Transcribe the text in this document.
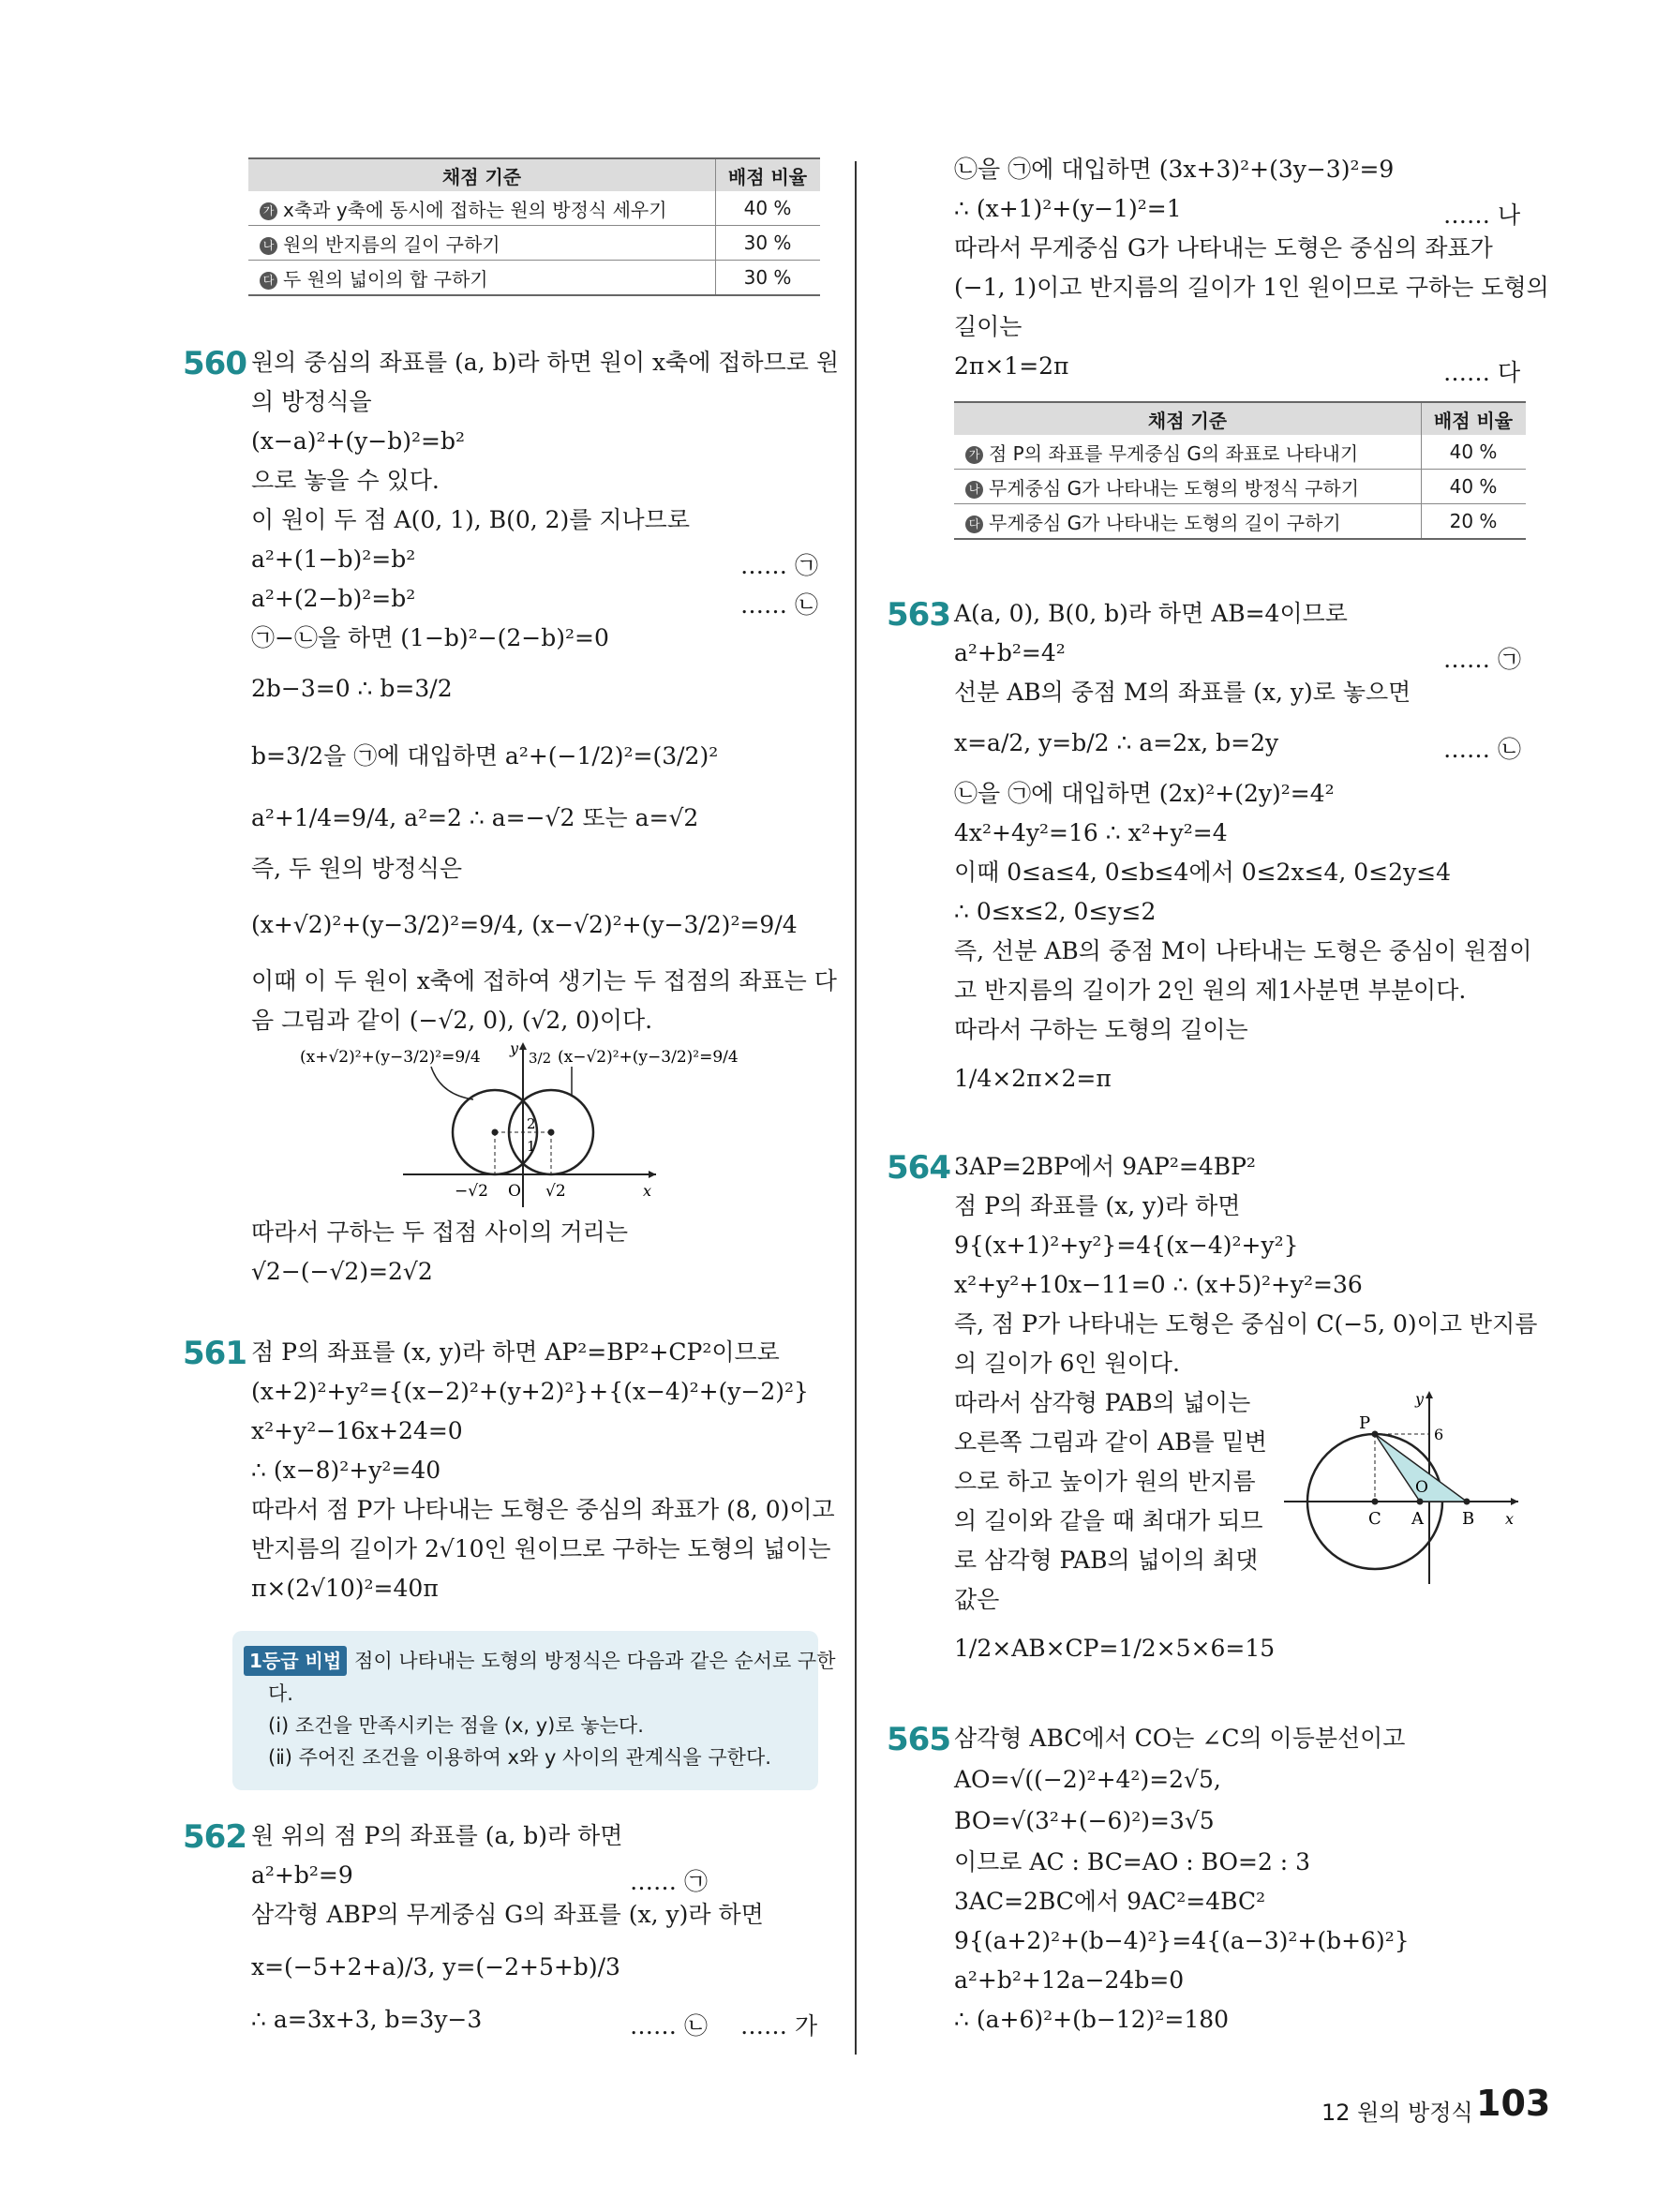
채점 기준	배점 비율
가 x축과 y축에 동시에 접하는 원의 방정식 세우기	40 %
나 원의 반지름의 길이 구하기	30 %
다 두 원의 넓이의 합 구하기	30 %
560 원의 중심의 좌표를 (a, b)라 하면 원이 x축에 접하므로 원
의 방정식을
(x−a)²+(y−b)²=b²
으로 놓을 수 있다.
이 원이 두 점 A(0, 1), B(0, 2)를 지나므로
a²+(1−b)²=b²	…… ㉠
a²+(2−b)²=b²	…… ㉡
㉠−㉡을 하면 (1−b)²−(2−b)²=0
2b−3=0 ∴ b=3/2
b=3/2을 ㉠에 대입하면 a²+(−1/2)²=(3/2)²
a²+1/4=9/4, a²=2 ∴ a=−√2 또는 a=√2
즉, 두 원의 방정식은
(x+√2)²+(y−3/2)²=9/4, (x−√2)²+(y−3/2)²=9/4
이때 이 두 원이 x축에 접하여 생기는 두 접점의 좌표는 다
음 그림과 같이 (−√2, 0), (√2, 0)이다.
(x+√2)²+(y−3/2)²=9/4	(x−√2)²+(y−3/2)²=9/4
y
3/2
2
1
O
−√2	√2	x
따라서 구하는 두 접점 사이의 거리는
√2−(−√2)=2√2
561 점 P의 좌표를 (x, y)라 하면 AP²=BP²+CP²이므로
(x+2)²+y²={(x−2)²+(y+2)²}+{(x−4)²+(y−2)²}
x²+y²−16x+24=0
∴ (x−8)²+y²=40
따라서 점 P가 나타내는 도형은 중심의 좌표가 (8, 0)이고
반지름의 길이가 2√10인 원이므로 구하는 도형의 넓이는
π×(2√10)²=40π
1등급 비법 점이 나타내는 도형의 방정식은 다음과 같은 순서로 구한
다.
(ⅰ) 조건을 만족시키는 점을 (x, y)로 놓는다.
(ⅱ) 주어진 조건을 이용하여 x와 y 사이의 관계식을 구한다.
562 원 위의 점 P의 좌표를 (a, b)라 하면
a²+b²=9	…… ㉠
삼각형 ABP의 무게중심 G의 좌표를 (x, y)라 하면
x=(−5+2+a)/3, y=(−2+5+b)/3
∴ a=3x+3, b=3y−3	…… ㉡ …… 가
㉡을 ㉠에 대입하면 (3x+3)²+(3y−3)²=9
∴ (x+1)²+(y−1)²=1	…… 나
따라서 무게중심 G가 나타내는 도형은 중심의 좌표가
(−1, 1)이고 반지름의 길이가 1인 원이므로 구하는 도형의
길이는
2π×1=2π	…… 다
채점 기준	배점 비율
가 점 P의 좌표를 무게중심 G의 좌표로 나타내기	40 %
나 무게중심 G가 나타내는 도형의 방정식 구하기	40 %
다 무게중심 G가 나타내는 도형의 길이 구하기	20 %
563 A(a, 0), B(0, b)라 하면 AB=4이므로
a²+b²=4²	…… ㉠
선분 AB의 중점 M의 좌표를 (x, y)로 놓으면
x=a/2, y=b/2 ∴ a=2x, b=2y	…… ㉡
㉡을 ㉠에 대입하면 (2x)²+(2y)²=4²
4x²+4y²=16 ∴ x²+y²=4
이때 0≤a≤4, 0≤b≤4에서 0≤2x≤4, 0≤2y≤4
∴ 0≤x≤2, 0≤y≤2
즉, 선분 AB의 중점 M이 나타내는 도형은 중심이 원점이
고 반지름의 길이가 2인 원의 제1사분면 부분이다.
따라서 구하는 도형의 길이는
1/4×2π×2=π
564 3AP=2BP에서 9AP²=4BP²
점 P의 좌표를 (x, y)라 하면
9{(x+1)²+y²}=4{(x−4)²+y²}
x²+y²+10x−11=0 ∴ (x+5)²+y²=36
즉, 점 P가 나타내는 도형은 중심이 C(−5, 0)이고 반지름
의 길이가 6인 원이다.
따라서 삼각형 PAB의 넓이는
오른쪽 그림과 같이 AB를 밑변
으로 하고 높이가 원의 반지름
의 길이와 같을 때 최대가 되므
로 삼각형 PAB의 넓이의 최댓
값은
1/2×AB×CP=1/2×5×6=15
P
6
O
C A B x
y
565 삼각형 ABC에서 CO는 ∠C의 이등분선이고
AO=√((−2)²+4²)=2√5,
BO=√(3²+(−6)²)=3√5
이므로 AC : BC=AO : BO=2 : 3
3AC=2BC에서 9AC²=4BC²
9{(a+2)²+(b−4)²}=4{(a−3)²+(b+6)²}
a²+b²+12a−24b=0
∴ (a+6)²+(b−12)²=180
12 원의 방정식 103
